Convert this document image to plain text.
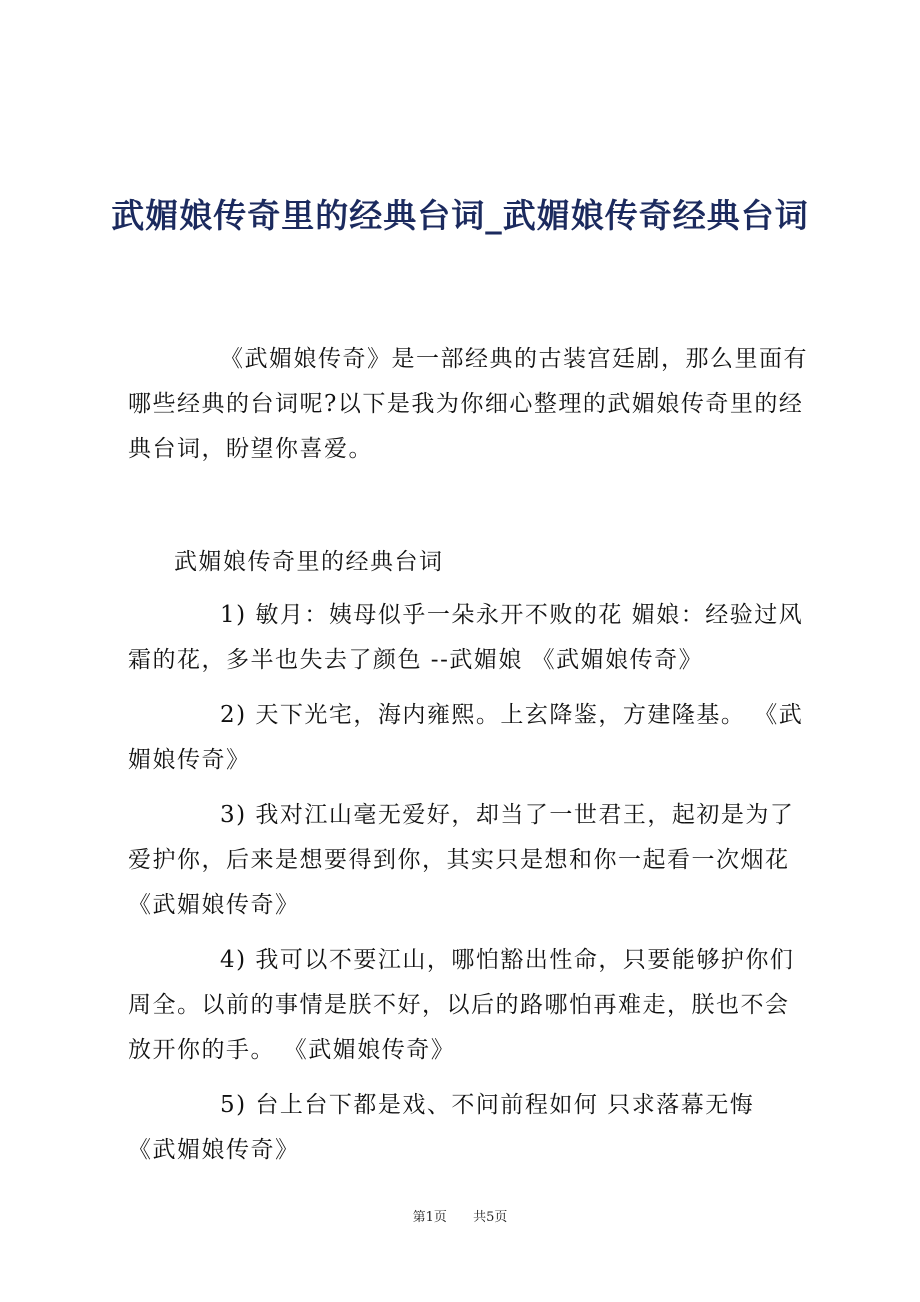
武媚娘传奇里的经典台词_武媚娘传奇经典台词

《武媚娘传奇》是一部经典的古装宫廷剧，那么里面有哪些经典的台词呢?以下是我为你细心整理的武媚娘传奇里的经典台词，盼望你喜爱。

武媚娘传奇里的经典台词

1) 敏月：姨母似乎一朵永开不败的花 媚娘：经验过风霜的花，多半也失去了颜色 --武媚娘 《武媚娘传奇》

2) 天下光宅，海内雍熙。上玄降鉴，方建隆基。 《武媚娘传奇》

3) 我对江山毫无爱好，却当了一世君王，起初是为了爱护你，后来是想要得到你，其实只是想和你一起看一次烟花 《武媚娘传奇》

4) 我可以不要江山，哪怕豁出性命，只要能够护你们周全。以前的事情是朕不好，以后的路哪怕再难走，朕也不会放开你的手。 《武媚娘传奇》

5) 台上台下都是戏、不问前程如何 只求落幕无悔 《武媚娘传奇》

第1页 共5页
